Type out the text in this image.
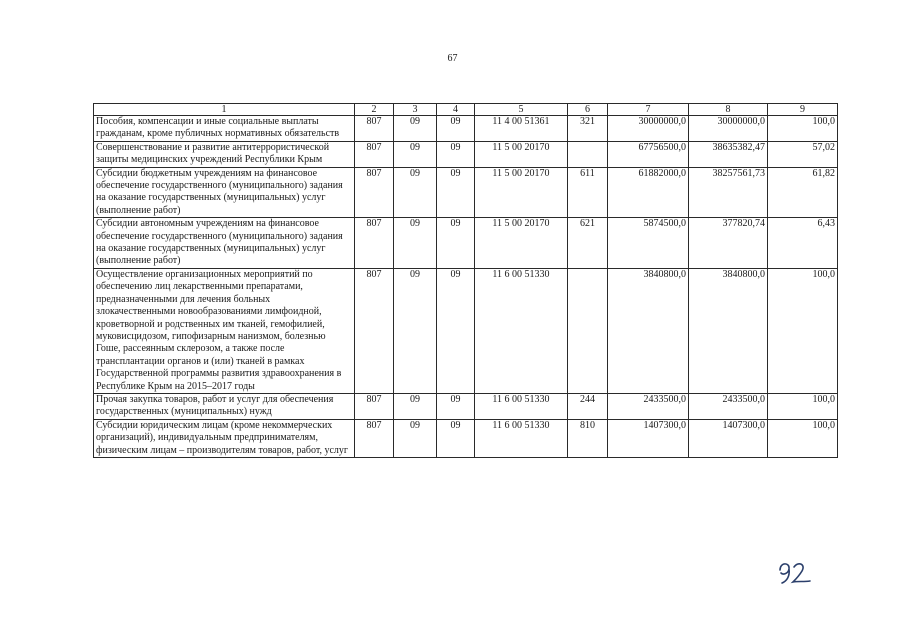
67
1	2	3	4	5	6	7	8	9
Пособия, компенсации и иные социальные выплаты гражданам, кроме публичных нормативных обязательств	807	09	09	11 4 00 51361	321	30000000,0	30000000,0	100,0
Совершенствование и развитие антитеррористической защиты медицинских учреждений Республики Крым	807	09	09	11 5 00 20170		67756500,0	38635382,47	57,02
Субсидии бюджетным учреждениям на финансовое обеспечение государственного (муниципального) задания на оказание государственных (муниципальных) услуг (выполнение работ)	807	09	09	11 5 00 20170	611	61882000,0	38257561,73	61,82
Субсидии автономным учреждениям на финансовое обеспечение государственного (муниципального) задания на оказание государственных (муниципальных) услуг (выполнение работ)	807	09	09	11 5 00 20170	621	5874500,0	377820,74	6,43
Осуществление организационных мероприятий по обеспечению лиц лекарственными препаратами, предназначенными для лечения больных злокачественными новообразованиями лимфоидной, кроветворной и родственных им тканей, гемофилией, муковисцидозом, гипофизарным нанизмом, болезнью Гоше, рассеянным склерозом, а также после трансплантации органов и (или) тканей в рамках Государственной программы развития здравоохранения в Республике Крым на 2015–2017 годы	807	09	09	11 6 00 51330		3840800,0	3840800,0	100,0
Прочая закупка товаров, работ и услуг для обеспечения государственных (муниципальных) нужд	807	09	09	11 6 00 51330	244	2433500,0	2433500,0	100,0
Субсидии юридическим лицам (кроме некоммерческих организаций), индивидуальным предпринимателям, физическим лицам – производителям товаров, работ, услуг	807	09	09	11 6 00 51330	810	1407300,0	1407300,0	100,0
